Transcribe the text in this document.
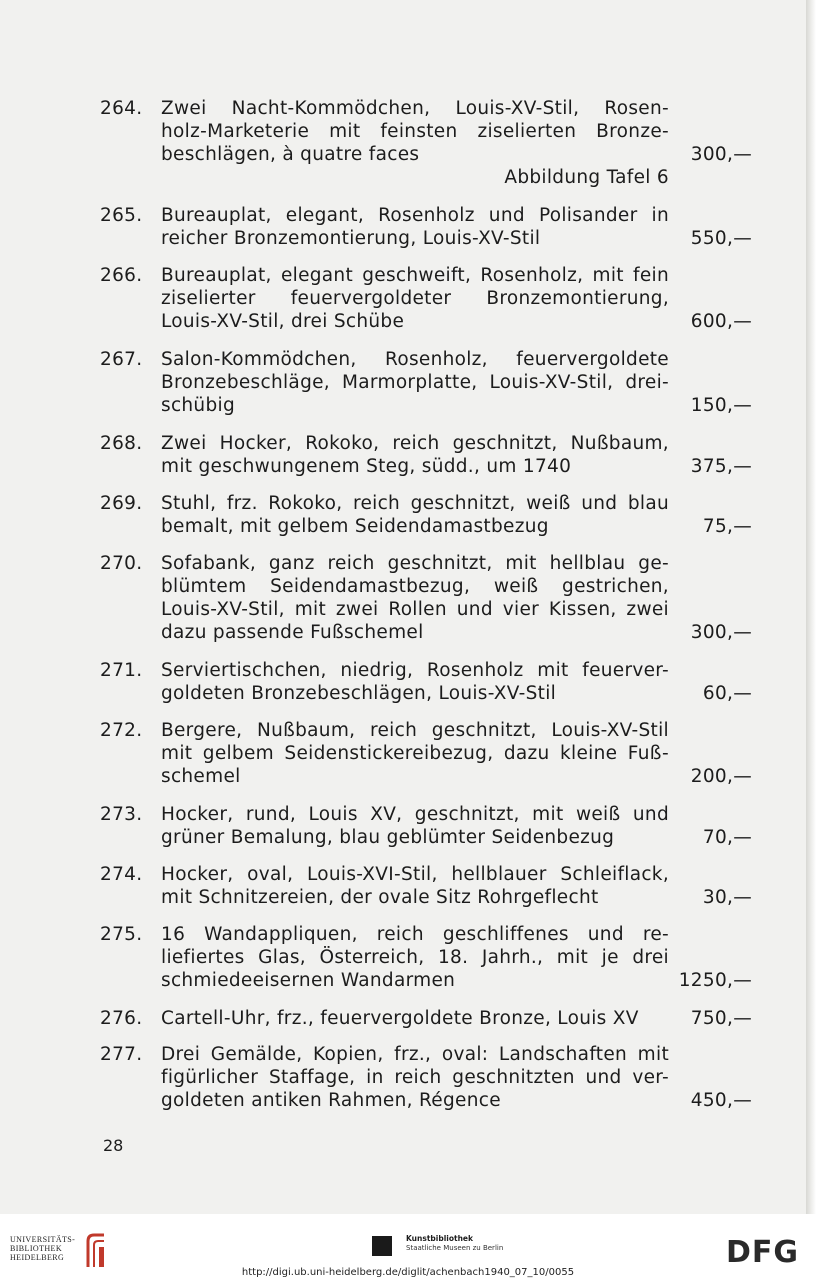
264.	Zwei Nacht-Kommödchen, Louis-XV-Stil, Rosen-
holz-Marketerie mit feinsten ziselierten Bronze-
beschlägen, à quatre faces
Abbildung Tafel 6
300,—
265.	Bureauplat, elegant, Rosenholz und Polisander in
reicher Bronzemontierung, Louis-XV-Stil	550,—
266.	Bureauplat, elegant geschweift, Rosenholz, mit fein
ziselierter feuervergoldeter Bronzemontierung,
Louis-XV-Stil, drei Schübe	600,—
267.	Salon-Kommödchen, Rosenholz, feuervergoldete
Bronzebeschläge, Marmorplatte, Louis-XV-Stil, drei-
schübig	150,—
268.	Zwei Hocker, Rokoko, reich geschnitzt, Nußbaum,
mit geschwungenem Steg, südd., um 1740	375,—
269.	Stuhl, frz. Rokoko, reich geschnitzt, weiß und blau
bemalt, mit gelbem Seidendamastbezug	75,—
270.	Sofabank, ganz reich geschnitzt, mit hellblau ge-
blümtem Seidendamastbezug, weiß gestrichen,
Louis-XV-Stil, mit zwei Rollen und vier Kissen, zwei
dazu passende Fußschemel	300,—
271.	Serviertischchen, niedrig, Rosenholz mit feuerver-
goldeten Bronzebeschlägen, Louis-XV-Stil	60,—
272.	Bergere, Nußbaum, reich geschnitzt, Louis-XV-Stil
mit gelbem Seidenstickereibezug, dazu kleine Fuß-
schemel	200,—
273.	Hocker, rund, Louis XV, geschnitzt, mit weiß und
grüner Bemalung, blau geblümter Seidenbezug	70,—
274.	Hocker, oval, Louis-XVI-Stil, hellblauer Schleiflack,
mit Schnitzereien, der ovale Sitz Rohrgeflecht	30,—
275.	16 Wandappliquen, reich geschliffenes und re-
liefiertes Glas, Österreich, 18. Jahrh., mit je drei
schmiedeeisernen Wandarmen	1250,—
276.	Cartell-Uhr, frz., feuervergoldete Bronze, Louis XV	750,—
277.	Drei Gemälde, Kopien, frz., oval: Landschaften mit
figürlicher Staffage, in reich geschnitzten und ver-
goldeten antiken Rahmen, Régence	450,—
28
UNIVERSITÄTS-
BIBLIOTHEK
HEIDELBERG
Kunstbibliothek
Staatliche Museen zu Berlin	DFG
http://digi.ub.uni-heidelberg.de/diglit/achenbach1940_07_10/0055
